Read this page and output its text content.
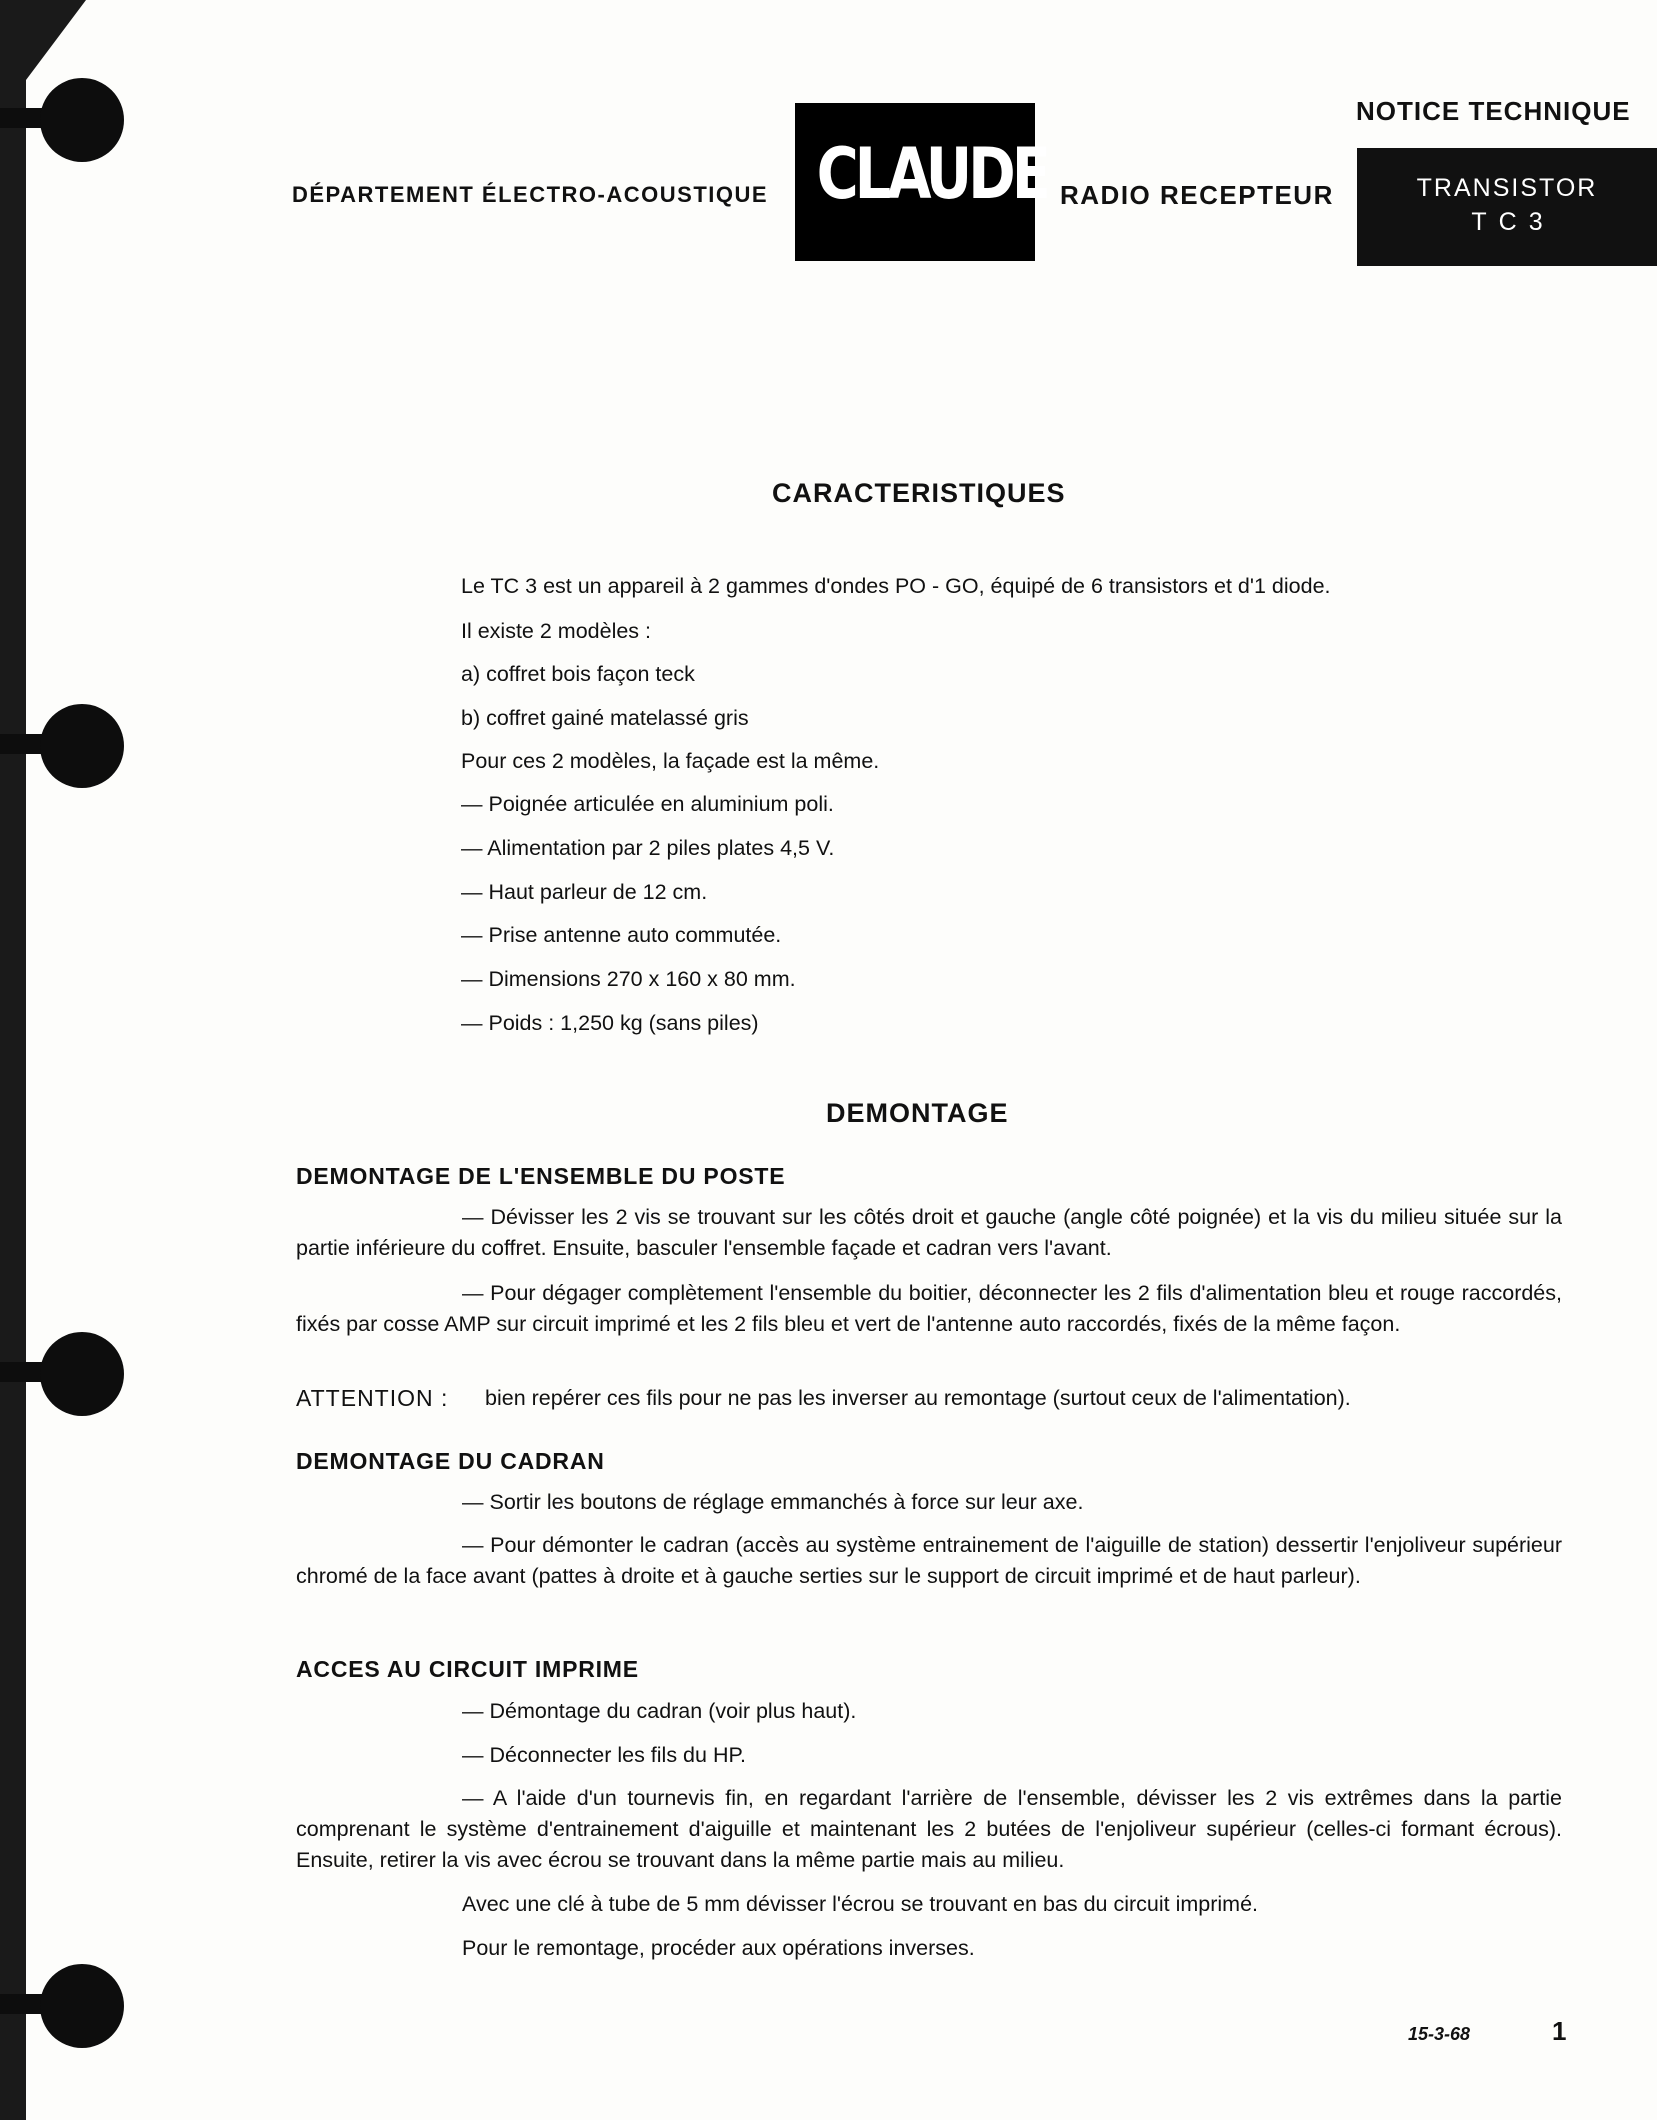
DÉPARTEMENT ÉLECTRO-ACOUSTIQUE CLAUDE RADIO RECEPTEUR
NOTICE TECHNIQUE
TRANSISTOR
TC3
CARACTERISTIQUES
Le TC 3 est un appareil à 2 gammes d'ondes PO - GO, équipé de 6 transistors et d'1 diode.
Il existe 2 modèles :
a) coffret bois façon teck
b) coffret gainé matelassé gris
Pour ces 2 modèles, la façade est la même.
— Poignée articulée en aluminium poli.
— Alimentation par 2 piles plates 4,5 V.
— Haut parleur de 12 cm.
— Prise antenne auto commutée.
— Dimensions 270 x 160 x 80 mm.
— Poids : 1,250 kg (sans piles)
DEMONTAGE
DEMONTAGE DE L'ENSEMBLE DU POSTE
— Dévisser les 2 vis se trouvant sur les côtés droit et gauche (angle côté poignée) et la vis du milieu située sur la partie inférieure du coffret. Ensuite, basculer l'ensemble façade et cadran vers l'avant.
— Pour dégager complètement l'ensemble du boitier, déconnecter les 2 fils d'alimentation bleu et rouge raccordés, fixés par cosse AMP sur circuit imprimé et les 2 fils bleu et vert de l'antenne auto raccordés, fixés de la même façon.
ATTENTION : bien repérer ces fils pour ne pas les inverser au remontage (surtout ceux de l'alimentation).
DEMONTAGE DU CADRAN
— Sortir les boutons de réglage emmanchés à force sur leur axe.
— Pour démonter le cadran (accès au système entrainement de l'aiguille de station) dessertir l'enjoliveur supérieur chromé de la face avant (pattes à droite et à gauche serties sur le support de circuit imprimé et de haut parleur).
ACCES AU CIRCUIT IMPRIME
— Démontage du cadran (voir plus haut).
— Déconnecter les fils du HP.
— A l'aide d'un tournevis fin, en regardant l'arrière de l'ensemble, dévisser les 2 vis extrêmes dans la partie comprenant le système d'entrainement d'aiguille et maintenant les 2 butées de l'enjoliveur supérieur (celles-ci formant écrous). Ensuite, retirer la vis avec écrou se trouvant dans la même partie mais au milieu.
Avec une clé à tube de 5 mm dévisser l'écrou se trouvant en bas du circuit imprimé.
Pour le remontage, procéder aux opérations inverses.
15-3-68	1
